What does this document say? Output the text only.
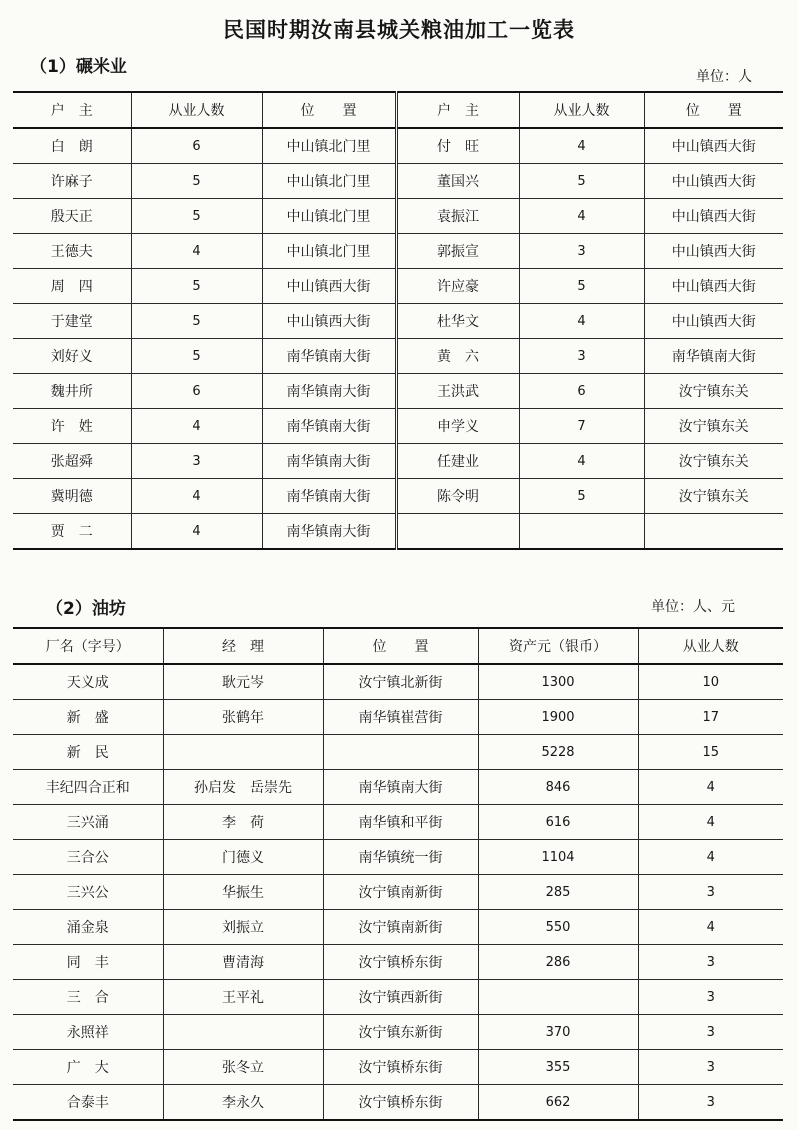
民国时期汝南县城关粮油加工一览表
（1）碾米业	单位：人
户　主	从业人数	位　　置	户　主	从业人数	位　　置
白　朗	6	中山镇北门里	付　旺	4	中山镇西大街
许麻子	5	中山镇北门里	董国兴	5	中山镇西大街
殷天正	5	中山镇北门里	袁振江	4	中山镇西大街
王德夫	4	中山镇北门里	郭振宣	3	中山镇西大街
周　四	5	中山镇西大街	许应豪	5	中山镇西大街
于建堂	5	中山镇西大街	杜华文	4	中山镇西大街
刘好义	5	南华镇南大街	黄　六	3	南华镇南大街
魏井所	6	南华镇南大街	王洪武	6	汝宁镇东关
许　姓	4	南华镇南大街	申学义	7	汝宁镇东关
张超舜	3	南华镇南大街	任建业	4	汝宁镇东关
冀明德	4	南华镇南大街	陈令明	5	汝宁镇东关
贾　二	4	南华镇南大街			
（2）油坊	单位：人、元
厂名（字号）	经　理	位　　置	资产元（银币）	从业人数
天义成	耿元岑	汝宁镇北新街	1300	10
新　盛	张鹤年	南华镇崔营街	1900	17
新　民			5228	15
丰纪四合正和	孙启发　岳崇先	南华镇南大街	846	4
三兴涌	李　荷	南华镇和平街	616	4
三合公	门德义	南华镇统一街	1104	4
三兴公	华振生	汝宁镇南新街	285	3
涌金泉	刘振立	汝宁镇南新街	550	4
同　丰	曹清海	汝宁镇桥东街	286	3
三　合	王平礼	汝宁镇西新街		3
永照祥		汝宁镇东新街	370	3
广　大	张冬立	汝宁镇桥东街	355	3
合泰丰	李永久	汝宁镇桥东街	662	3
